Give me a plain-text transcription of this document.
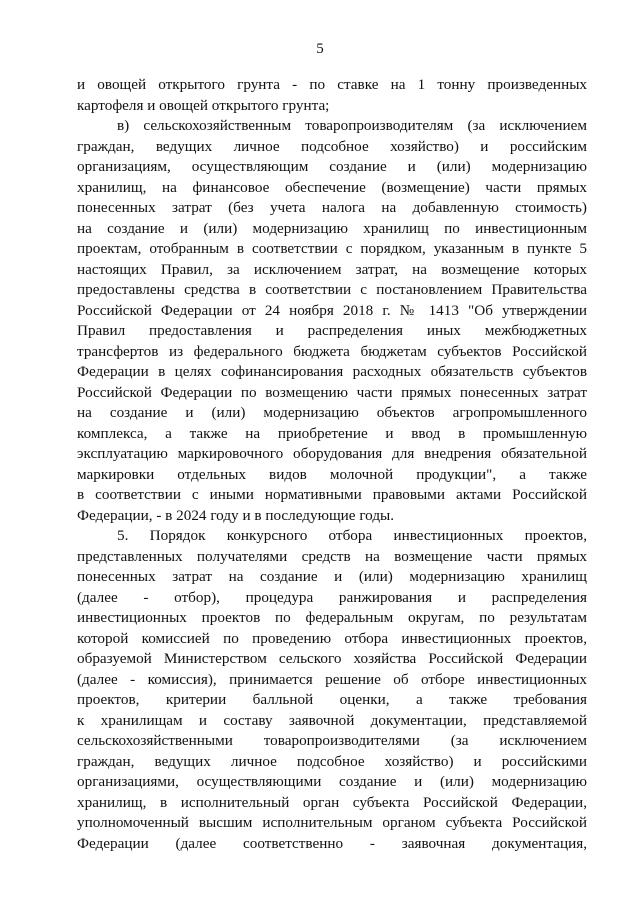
5
и овощей открытого грунта - по ставке на 1 тонну произведенных
картофеля и овощей открытого грунта;
в) сельскохозяйственным товаропроизводителям (за исключением
граждан, ведущих личное подсобное хозяйство) и российским
организациям, осуществляющим создание и (или) модернизацию
хранилищ, на финансовое обеспечение (возмещение) части прямых
понесенных затрат (без учета налога на добавленную стоимость)
на создание и (или) модернизацию хранилищ по инвестиционным
проектам, отобранным в соответствии с порядком, указанным в пункте 5
настоящих Правил, за исключением затрат, на возмещение которых
предоставлены средства в соответствии с постановлением Правительства
Российской Федерации от 24 ноября 2018 г. № 1413 "Об утверждении
Правил предоставления и распределения иных межбюджетных
трансфертов из федерального бюджета бюджетам субъектов Российской
Федерации в целях софинансирования расходных обязательств субъектов
Российской Федерации по возмещению части прямых понесенных затрат
на создание и (или) модернизацию объектов агропромышленного
комплекса, а также на приобретение и ввод в промышленную
эксплуатацию маркировочного оборудования для внедрения обязательной
маркировки отдельных видов молочной продукции", а также
в соответствии с иными нормативными правовыми актами Российской
Федерации, - в 2024 году и в последующие годы.
5. Порядок конкурсного отбора инвестиционных проектов,
представленных получателями средств на возмещение части прямых
понесенных затрат на создание и (или) модернизацию хранилищ
(далее - отбор), процедура ранжирования и распределения
инвестиционных проектов по федеральным округам, по результатам
которой комиссией по проведению отбора инвестиционных проектов,
образуемой Министерством сельского хозяйства Российской Федерации
(далее - комиссия), принимается решение об отборе инвестиционных
проектов, критерии балльной оценки, а также требования
к хранилищам и составу заявочной документации, представляемой
сельскохозяйственными товаропроизводителями (за исключением
граждан, ведущих личное подсобное хозяйство) и российскими
организациями, осуществляющими создание и (или) модернизацию
хранилищ, в исполнительный орган субъекта Российской Федерации,
уполномоченный высшим исполнительным органом субъекта Российской
Федерации (далее соответственно - заявочная документация,
